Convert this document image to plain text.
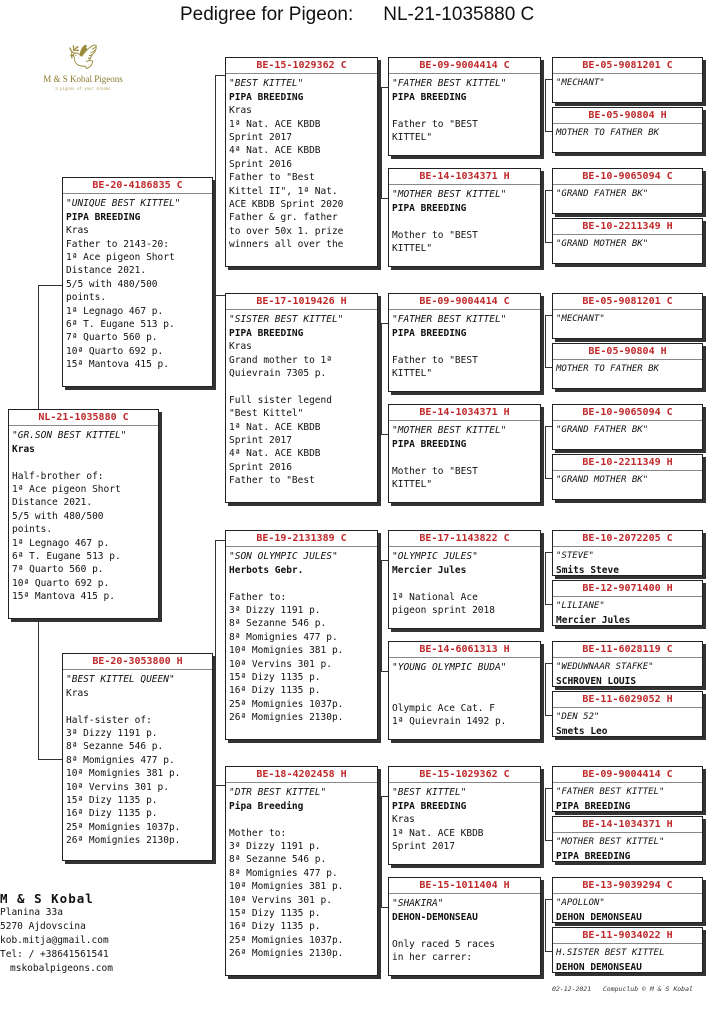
Pedigree for Pigeon: NL-21-1035880 C
🕊
M & S Kobal Pigeons
a pigeon of your dreams
NL-21-1035880 C
"GR.SON BEST KITTEL"
Kras

Half-brother of:
1ª Ace pigeon Short
Distance 2021.
5/5 with 480/500
points.
1ª Legnago 467 p.
6ª T. Eugane 513 p.
7ª Quarto 560 p.
10ª Quarto 692 p.
15ª Mantova 415 p.
BE-20-4186835 C
"UNIQUE BEST KITTEL"
PIPA BREEDING
Kras
Father to 2143-20:
1ª Ace pigeon Short
Distance 2021.
5/5 with 480/500
points.
1ª Legnago 467 p.
6ª T. Eugane 513 p.
7ª Quarto 560 p.
10ª Quarto 692 p.
15ª Mantova 415 p.
BE-20-3053800 H
"BEST KITTEL QUEEN"
Kras

Half-sister of:
3ª Dizzy 1191 p.
8ª Sezanne 546 p.
8ª Momignies 477 p.
10ª Momignies 381 p.
10ª Vervins 301 p.
15ª Dizy 1135 p.
16ª Dizy 1135 p.
25ª Momignies 1037p.
26ª Momignies 2130p.
BE-15-1029362 C
"BEST KITTEL"
PIPA BREEDING
Kras
1ª Nat. ACE KBDB
Sprint 2017
4ª Nat. ACE KBDB
Sprint 2016
Father to "Best
Kittel II", 1ª Nat.
ACE KBDB Sprint 2020
Father & gr. father
to over 50x 1. prize
winners all over the
BE-17-1019426 H
"SISTER BEST KITTEL"
PIPA BREEDING
Kras
Grand mother to 1ª
Quievrain 7305 p.

Full sister legend
"Best Kittel"
1ª Nat. ACE KBDB
Sprint 2017
4ª Nat. ACE KBDB
Sprint 2016
Father to "Best
BE-19-2131389 C
"SON OLYMPIC JULES"
Herbots Gebr.

Father to:
3ª Dizzy 1191 p.
8ª Sezanne 546 p.
8ª Momignies 477 p.
10ª Momignies 381 p.
10ª Vervins 301 p.
15ª Dizy 1135 p.
16ª Dizy 1135 p.
25ª Momignies 1037p.
26ª Momignies 2130p.
BE-18-4202458 H
"DTR BEST KITTEL"
Pipa Breeding

Mother to:
3ª Dizzy 1191 p.
8ª Sezanne 546 p.
8ª Momignies 477 p.
10ª Momignies 381 p.
10ª Vervins 301 p.
15ª Dizy 1135 p.
16ª Dizy 1135 p.
25ª Momignies 1037p.
26ª Momignies 2130p.
BE-09-9004414 C
"FATHER BEST KITTEL"
PIPA BREEDING

Father to "BEST
KITTEL"
BE-14-1034371 H
"MOTHER BEST KITTEL"
PIPA BREEDING

Mother to "BEST
KITTEL"
BE-09-9004414 C
"FATHER BEST KITTEL"
PIPA BREEDING

Father to "BEST
KITTEL"
BE-14-1034371 H
"MOTHER BEST KITTEL"
PIPA BREEDING

Mother to "BEST
KITTEL"
BE-17-1143822 C
"OLYMPIC JULES"
Mercier Jules

1ª National Ace
pigeon sprint 2018
BE-14-6061313 H
"YOUNG OLYMPIC BUDA"

Olympic Ace Cat. F
1ª Quievrain 1492 p.
BE-15-1029362 C
"BEST KITTEL"
PIPA BREEDING
Kras
1ª Nat. ACE KBDB
Sprint 2017
BE-15-1011404 H
"SHAKIRA"
DEHON-DEMONSEAU

Only raced 5 races
in her carrer:
BE-05-9081201 C
"MECHANT"
BE-05-90804 H
MOTHER TO FATHER BK
BE-10-9065094 C
"GRAND FATHER BK"
BE-10-2211349 H
"GRAND MOTHER BK"
BE-05-9081201 C
"MECHANT"
BE-05-90804 H
MOTHER TO FATHER BK
BE-10-9065094 C
"GRAND FATHER BK"
BE-10-2211349 H
"GRAND MOTHER BK"
BE-10-2072205 C
"STEVE"
Smits Steve
BE-12-9071400 H
"LILIANE"
Mercier Jules
BE-11-6028119 C
"WEDUWNAAR STAFKE"
SCHROVEN LOUIS
BE-11-6029052 H
"DEN 52"
Smets Leo
BE-09-9004414 C
"FATHER BEST KITTEL"
PIPA BREEDING
BE-14-1034371 H
"MOTHER BEST KITTEL"
PIPA BREEDING
BE-13-9039294 C
"APOLLON"
DEHON DEMONSEAU
BE-11-9034022 H
H.SISTER BEST KITTEL
DEHON DEMONSEAU
M & S Kobal
Planina 33a
5270 Ajdovscina
kob.mitja@gmail.com
Tel: / +38641561541
mskobalpigeons.com
02-12-2021 Compuclub © M & S Kobal
